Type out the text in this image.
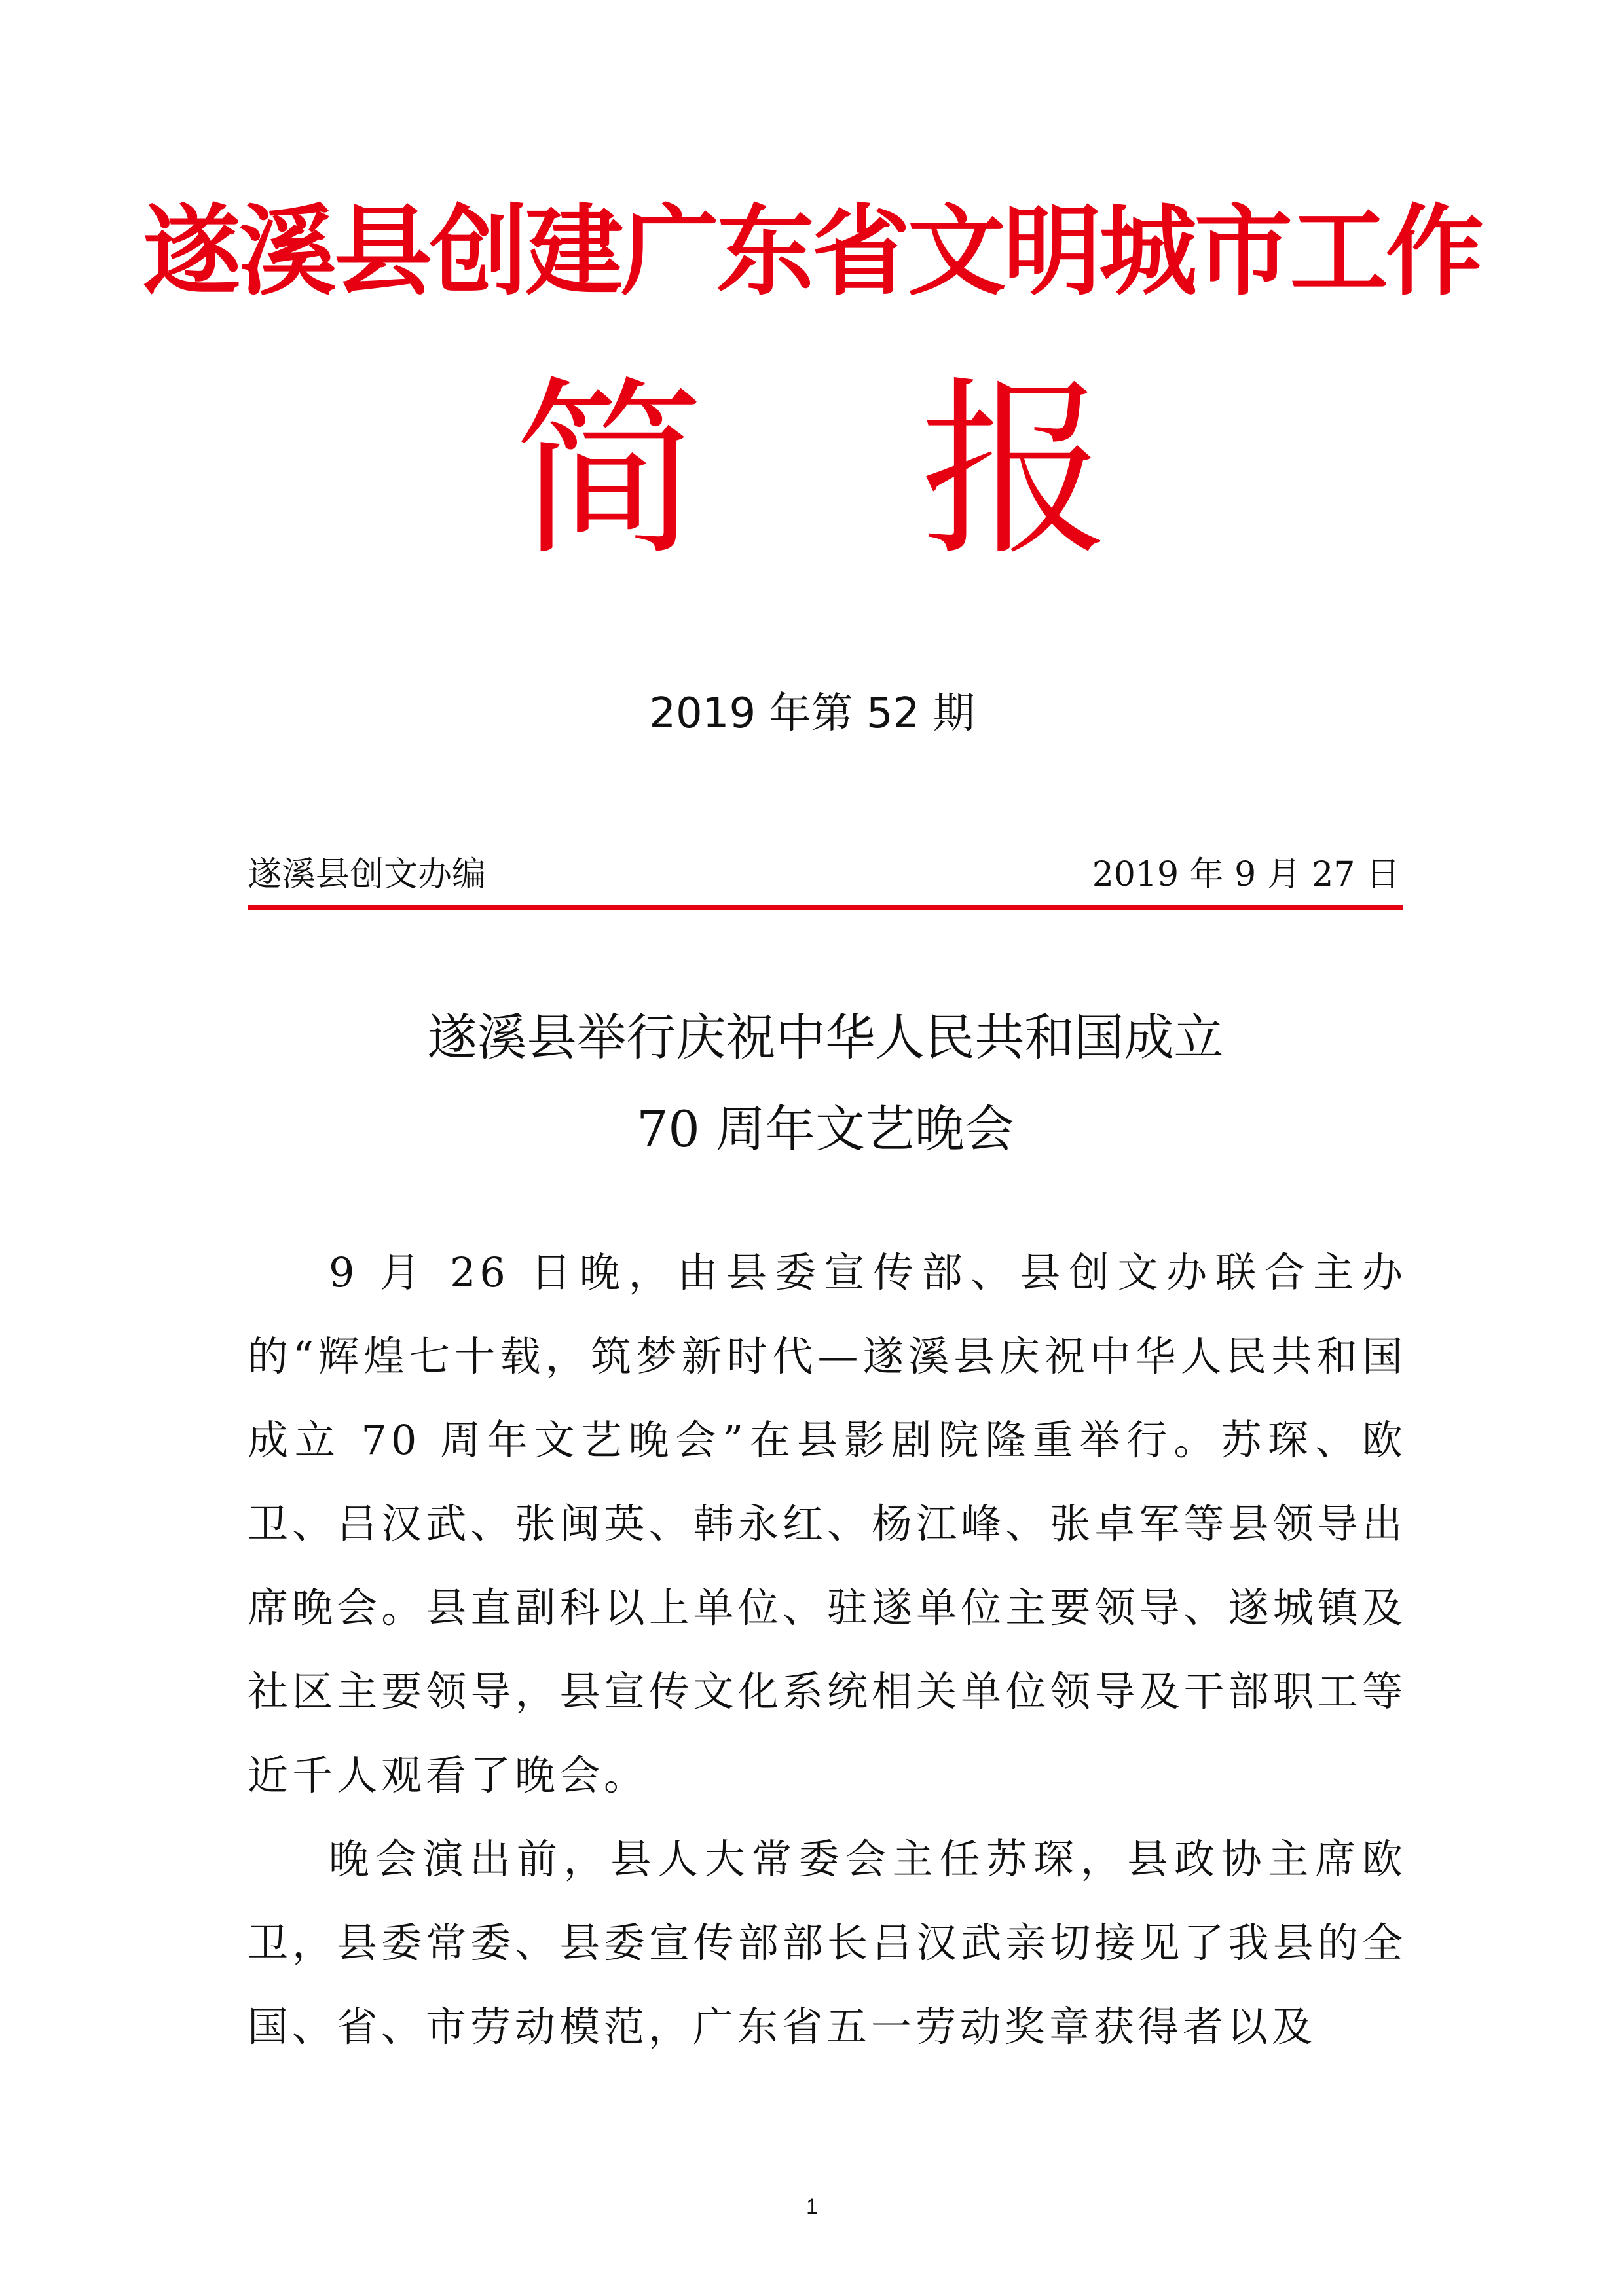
遂溪县创建广东省文明城市工作
简 报
2019 年第 52 期
遂溪县创文办编	2019 年 9 月 27 日
遂溪县举行庆祝中华人民共和国成立
70 周年文艺晚会

9 月 26 日晚，由县委宣传部、县创文办联合主办的“辉煌七十载，筑梦新时代—遂溪县庆祝中华人民共和国成立 70 周年文艺晚会”在县影剧院隆重举行。苏琛、欧卫、吕汉武、张闽英、韩永红、杨江峰、张卓军等县领导出席晚会。县直副科以上单位、驻遂单位主要领导、遂城镇及社区主要领导，县宣传文化系统相关单位领导及干部职工等近千人观看了晚会。

晚会演出前，县人大常委会主任苏琛，县政协主席欧卫，县委常委、县委宣传部部长吕汉武亲切接见了我县的全国、省、市劳动模范，广东省五一劳动奖章获得者以及

1
